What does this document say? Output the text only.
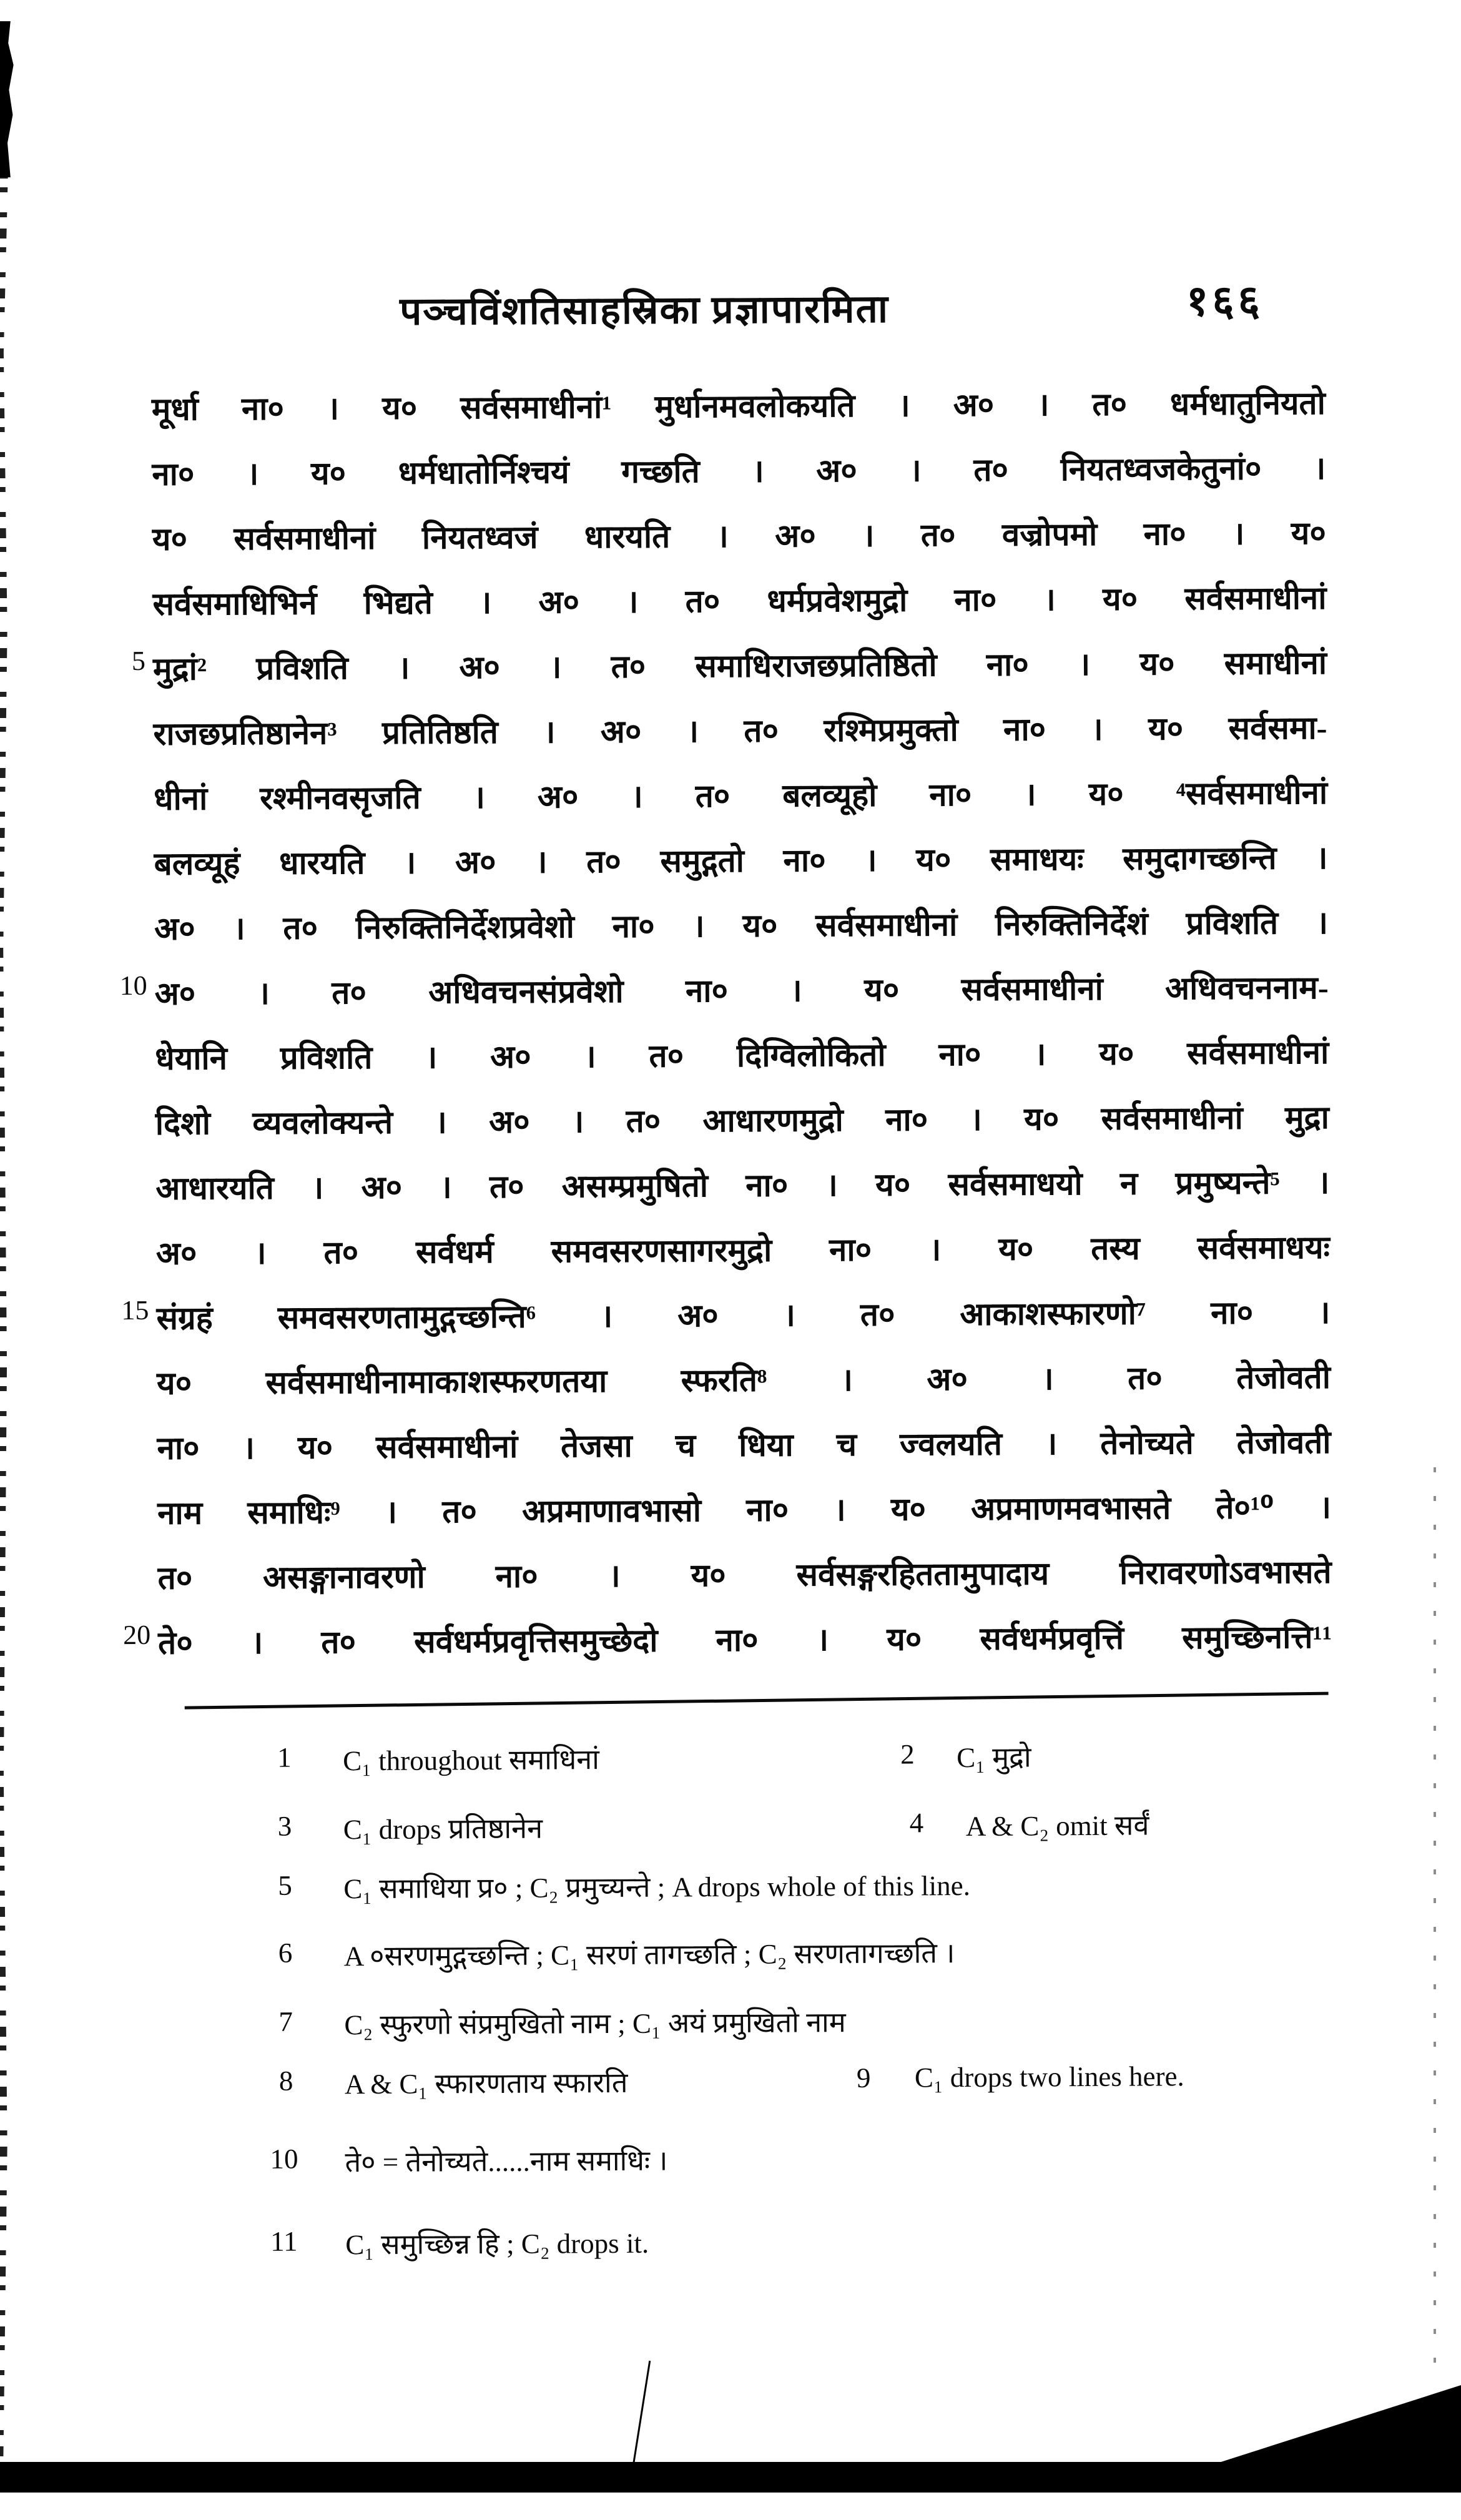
पञ्चविंशतिसाहस्रिका प्रज्ञापारमिता	१६६
5
10
15
20
मूर्धा ना० । य० सर्वसमाधीनां¹ मुर्धानमवलोकयति । अ० । त० धर्मधातुनियतो
ना० । य० धर्मधातोर्निश्चयं गच्छति । अ० । त० नियतध्वजकेतुनां० ।
य० सर्वसमाधीनां नियतध्वजं धारयति । अ० । त० वज्रोपमो ना० । य०
सर्वसमाधिभिर्न भिद्यते । अ० । त० धर्मप्रवेशमुद्रो ना० । य० सर्वसमाधीनां
मुद्रां² प्रविशति । अ० । त० समाधिराजछप्रतिष्ठितो ना० । य० समाधीनां
राजछप्रतिष्ठानेन³ प्रतितिष्ठति । अ० । त० रश्मिप्रमुक्तो ना० । य० सर्वसमा-
धीनां रश्मीनवसृजति । अ० । त० बलव्यूहो ना० । य० ⁴सर्वसमाधीनां
बलव्यूहं धारयति । अ० । त० समुद्गतो ना० । य० समाधयः समुदागच्छन्ति ।
अ० । त० निरुक्तिनिर्देशप्रवेशो ना० । य० सर्वसमाधीनां निरुक्तिनिर्देशं प्रविशति ।
अ० । त० अधिवचनसंप्रवेशो ना० । य० सर्वसमाधीनां अधिवचननाम-
धेयानि प्रविशति । अ० । त० दिग्विलोकितो ना० । य० सर्वसमाधीनां
दिशो व्यवलोक्यन्ते । अ० । त० आधारणमुद्रो ना० । य० सर्वसमाधीनां मुद्रा
आधारयति । अ० । त० असम्प्रमुषितो ना० । य० सर्वसमाधयो न प्रमुष्यन्ते⁵ ।
अ० । त० सर्वधर्म समवसरणसागरमुद्रो ना० । य० तस्य सर्वसमाधयः
संग्रहं समवसरणतामुद्गच्छन्ति⁶ । अ० । त० आकाशस्फारणो⁷ ना० ।
य० सर्वसमाधीनामाकाशस्फरणतया स्फरति⁸ । अ० । त० तेजोवती
ना० । य० सर्वसमाधीनां तेजसा च धिया च ज्वलयति । तेनोच्यते तेजोवती
नाम समाधिः⁹ । त० अप्रमाणावभासो ना० । य० अप्रमाणमवभासते ते०¹⁰ ।
त० असङ्गानावरणो ना० । य० सर्वसङ्गरहिततामुपादाय निरावरणोऽवभासते
ते० । त० सर्वधर्मप्रवृत्तिसमुच्छेदो ना० । य० सर्वधर्मप्रवृत्तिं समुच्छिनत्ति¹¹
1 C₁ throughout समाधिनां	2 C₁ मुद्रो
3 C₁ drops प्रतिष्ठानेन	4 A & C₂ omit सर्वं
5 C₁ समाधिया प्र० ; C₂ प्रमुच्यन्ते ; A drops whole of this line.
6 A ०सरणमुद्गच्छन्ति ; C₁ सरणं तागच्छति ; C₂ सरणतागच्छति ।
7 C₂ स्फुरणो संप्रमुखितो नाम ; C₁ अयं प्रमुखितो नाम
8 A & C₁ स्फारणताय स्फारति	9 C₁ drops two lines here.
10 ते० = तेनोच्यते......नाम समाधिः ।
11 C₁ समुच्छिन्न हि ; C₂ drops it.
